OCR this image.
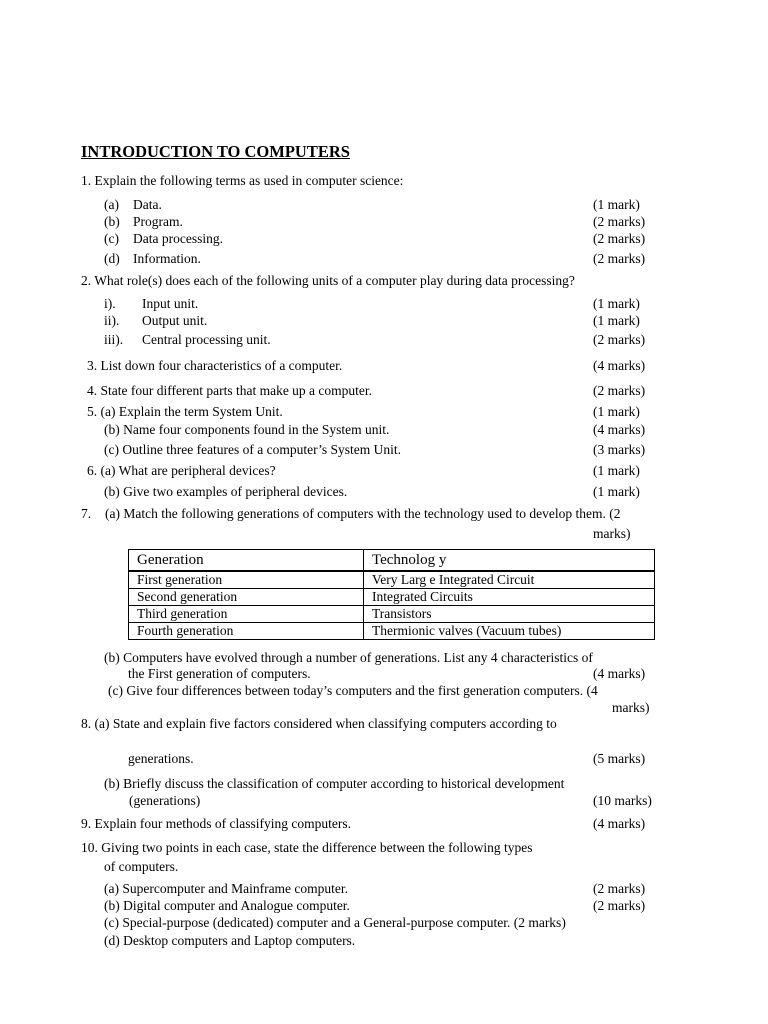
INTRODUCTION TO COMPUTERS
1. Explain the following terms as used in computer science:
(a) Data.	(1 mark)
(b) Program.	(2 marks)
(c) Data processing.	(2 marks)
(d) Information.	(2 marks)
2. What role(s) does each of the following units of a computer play during data processing?
i). Input unit.	(1 mark)
ii). Output unit.	(1 mark)
iii). Central processing unit.	(2 marks)
3. List down four characteristics of a computer.	(4 marks)
4. State four different parts that make up a computer.	(2 marks)
5. (a) Explain the term System Unit.	(1 mark)
(b) Name four components found in the System unit.	(4 marks)
(c) Outline three features of a computer’s System Unit.	(3 marks)
6. (a) What are peripheral devices?	(1 mark)
(b) Give two examples of peripheral devices.	(1 mark)
7. (a) Match the following generations of computers with the technology used to develop them. (2
marks)
Generation	Technolog y
First generation	Very Larg e Integrated Circuit
Second generation	Integrated Circuits
Third generation	Transistors
Fourth generation	Thermionic valves (Vacuum tubes)
(b) Computers have evolved through a number of generations. List any 4 characteristics of
the First generation of computers.	(4 marks)
(c) Give four differences between today’s computers and the first generation computers. (4
marks)
8. (a) State and explain five factors considered when classifying computers according to
generations.	(5 marks)
(b) Briefly discuss the classification of computer according to historical development
(generations)	(10 marks)
9. Explain four methods of classifying computers.	(4 marks)
10. Giving two points in each case, state the difference between the following types
of computers.
(a) Supercomputer and Mainframe computer.	(2 marks)
(b) Digital computer and Analogue computer.	(2 marks)
(c) Special-purpose (dedicated) computer and a General-purpose computer. (2 marks)
(d) Desktop computers and Laptop computers.
